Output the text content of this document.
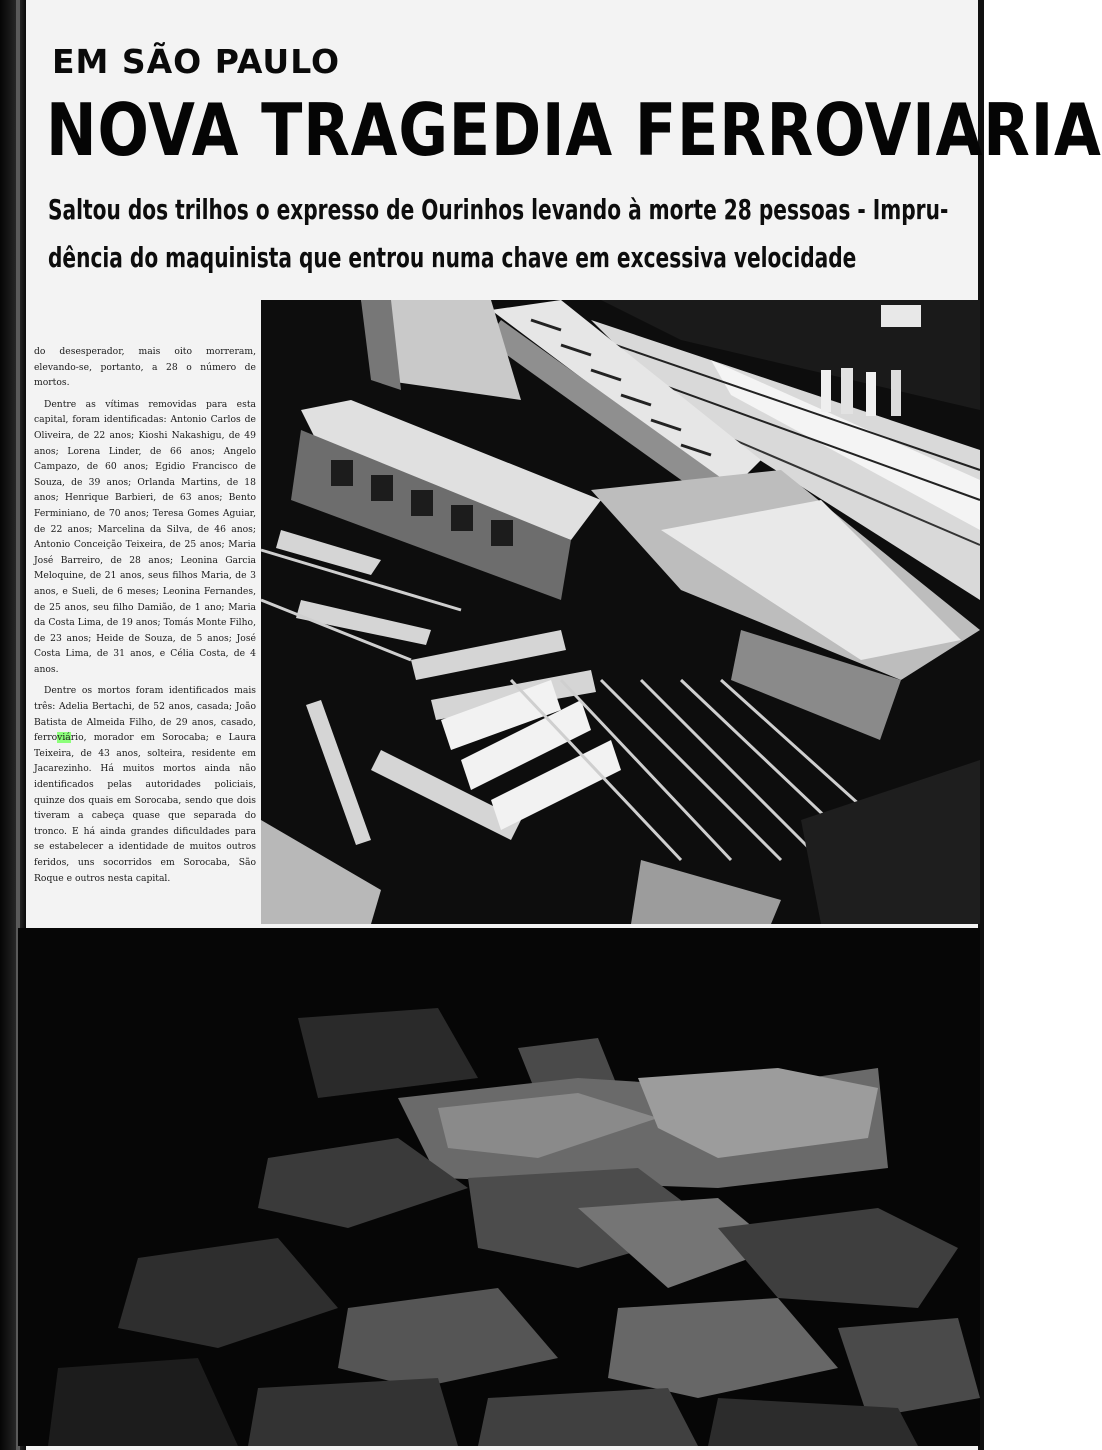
EM SÃO PAULO
NOVA TRAGEDIA FERROVIARIA
Saltou dos trilhos o expresso de Ourinhos levando à morte 28 pessoas - Impru-
dência do maquinista que entrou numa chave em excessiva velocidade

do desesperador, mais oito morreram, elevando-se, portanto, a 28 o número de mortos.

Dentre as vítimas removidas para esta capital, foram identificadas: Antonio Carlos de Oliveira, de 22 anos; Kioshi Nakashigu, de 49 anos; Lorena Linder, de 66 anos; Angelo Campazo, de 60 anos; Egidio Francisco de Souza, de 39 anos; Orlanda Martins, de 18 anos; Henrique Barbieri, de 63 anos; Bento Ferminiano, de 70 anos; Teresa Gomes Aguiar, de 22 anos; Marcelina da Silva, de 46 anos; Antonio Conceição Teixeira, de 25 anos; Maria José Barreiro, de 28 anos; Leonina Garcia Meloquine, de 21 anos, seus filhos Maria, de 3 anos, e Sueli, de 6 meses; Leonina Fernandes, de 25 anos, seu filho Damião, de 1 ano; Maria da Costa Lima, de 19 anos; Tomás Monte Filho, de 23 anos; Heide de Souza, de 5 anos; José Costa Lima, de 31 anos, e Célia Costa, de 4 anos.

Dentre os mortos foram identificados mais três: Adelia Bertachi, de 52 anos, casada; João Batista de Almeida Filho, de 29 anos, casado, ferroviário, morador em Sorocaba; e Laura Teixeira, de 43 anos, solteira, residente em Jacarezinho. Há muitos mortos ainda não identificados pelas autoridades policiais, quinze dos quais em Sorocaba, sendo que dois tiveram a cabeça quase que separada do tronco. E há ainda grandes dificuldades para se estabelecer a identidade de muitos outros feridos, uns socorridos em Sorocaba, São Roque e outros nesta capital.
